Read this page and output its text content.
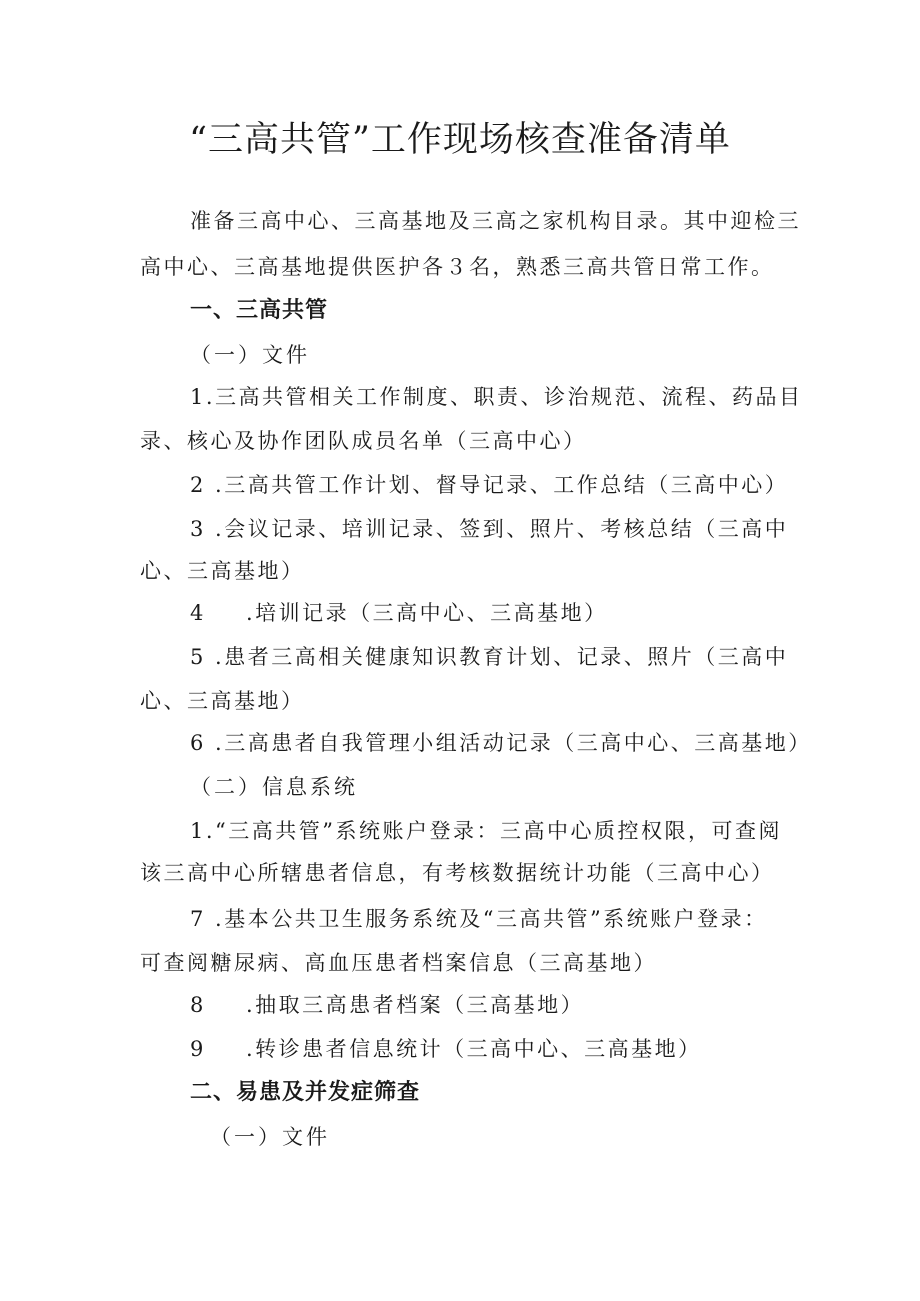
“三高共管”工作现场核查准备清单
准备三高中心、三高基地及三高之家机构目录。其中迎检三
高中心、三高基地提供医护各３名，熟悉三高共管日常工作。
一、三高共管
（一）文件
1.三高共管相关工作制度、职责、诊治规范、流程、药品目
录、核心及协作团队成员名单（三高中心）
2 .三高共管工作计划、督导记录、工作总结（三高中心）
3 .会议记录、培训记录、签到、照片、考核总结（三高中
心、三高基地）
4 .培训记录（三高中心、三高基地）
5 .患者三高相关健康知识教育计划、记录、照片（三高中
心、三高基地）
6 .三高患者自我管理小组活动记录（三高中心、三高基地）
（二）信息系统
1.“三高共管”系统账户登录：三高中心质控权限，可查阅
该三高中心所辖患者信息，有考核数据统计功能（三高中心）
7 .基本公共卫生服务系统及“三高共管”系统账户登录：
可查阅糖尿病、高血压患者档案信息（三高基地）
8 .抽取三高患者档案（三高基地）
9 .转诊患者信息统计（三高中心、三高基地）
二、易患及并发症筛查
（一）文件
